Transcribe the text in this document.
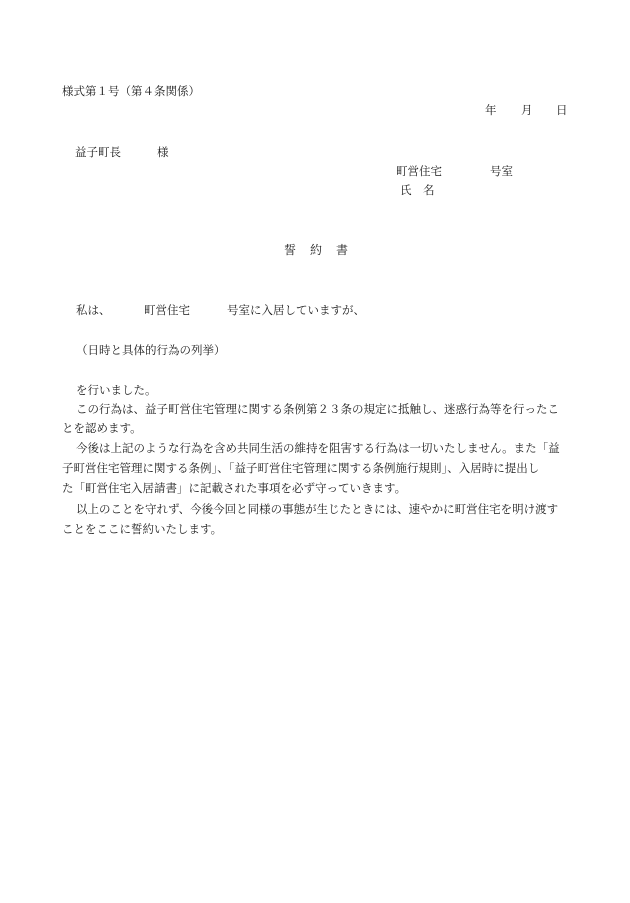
様式第１号（第４条関係）
年 月 日
益子町長	様
町営住宅	号室
氏　名
誓　約　書
私は、	町営住宅	号室に入居していますが、
（日時と具体的行為の列挙）
を行いました。
この行為は、益子町営住宅管理に関する条例第２３条の規定に抵触し、迷惑行為等を行ったこ
とを認めます。
今後は上記のような行為を含め共同生活の維持を阻害する行為は一切いたしません。また「益
子町営住宅管理に関する条例」、「益子町営住宅管理に関する条例施行規則」、入居時に提出し
た「町営住宅入居請書」に記載された事項を必ず守っていきます。
以上のことを守れず、今後今回と同様の事態が生じたときには、速やかに町営住宅を明け渡す
ことをここに誓約いたします。
